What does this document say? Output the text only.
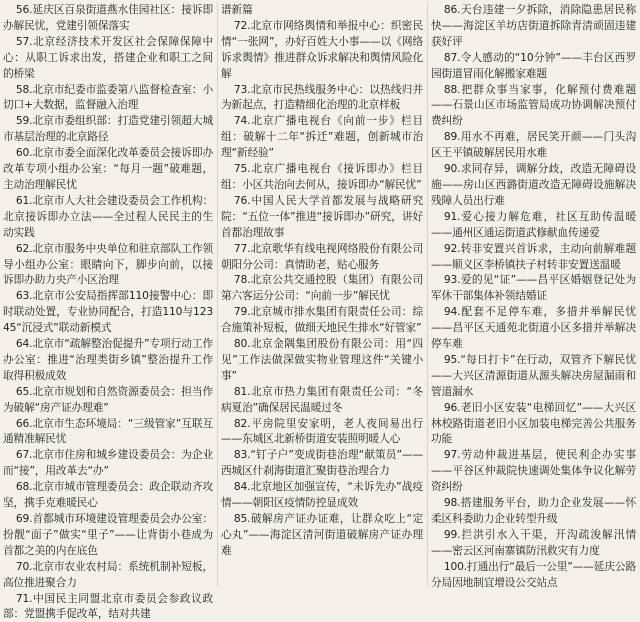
56.延庆区百泉街道燕水佳园社区：接诉即办解民忧，党建引领保落实

57.北京经济技术开发区社会保障保障中心：从职工诉求出发，搭建企业和职工之间的桥梁

58.北京市纪委市监委第八监督检查室：小切口+大数据，监督融入治理

59.北京市委组织部：打造党建引领超大城市基层治理的北京路径

60.北京市委全面深化改革委员会接诉即办改革专项小组办公室：“每月一题”破难题，主动治理解民忧

61.北京市人大社会建设委员会工作机构：北京接诉即办立法——全过程人民民主的生动实践

62.北京市服务中央单位和驻京部队工作领导小组办公室：眼睛向下，脚步向前，以接诉即办助力央产小区治理

63.北京市公安局指挥部110接警中心：即时联动处置，专业协同配合，打造110与12345“沉浸式”联动新模式

64.北京市“疏解整治促提升”专项行动工作办公室：推进“治理类街乡镇”整治提升工作取得积极成效

65.北京市规划和自然资源委员会：担当作为破解“房产证办理难”

66.北京市生态环境局：“三级管家”互联互通精准解民忧

67.北京市住房和城乡建设委员会：为企业而“接”，用改革去“办”

68.北京市城市管理委员会：政企联动齐攻坚，携手克难暖民心

69.首都城市环境建设管理委员会办公室：扮靓“面子”做实“里子”——让背街小巷成为首都之美的内在底色

70.北京市农业农村局：系统机制补短板，高位推进聚合力

71.中国民主同盟北京市委员会参政议政部：党盟携手促改革，结对共建

谱新篇

72.北京市网络舆情和举报中心：织密民情“一张网”，办好百姓大小事——以《网络诉求舆情》推进群众诉求解决和舆情风险化解

73.北京市民热线服务中心：以热线归并为新起点，打造精细化治理的北京样板

74.北京广播电视台《向前一步》栏目组：破解十二年“拆迁”难题，创新城市治理“新经验”

75.北京广播电视台《接诉即办》栏目组：小区共治向去何从，接诉即办“解民忧”

76.中国人民大学首都发展与战略研究院：“五位一体”推进“接诉即办”研究，讲好首都治理故事

77.北京歌华有线电视网络股份有限公司朝阳分公司：真情助老，贴心服务

78.北京公共交通控股（集团）有限公司第六客运分公司：“向前一步”解民忧

79.北京城市排水集团有限责任公司：综合施策补短板，做细天地民生排水“好管家”

80.北京金隅集团股份有限公司：用“四见”工作法做深做实物业管理这件“关键小事”

81.北京市热力集团有限责任公司：“冬病夏治”确保居民温暖过冬

82.平房院里安家明，老人夜间易出行——东城区北新桥街道安装照明暖人心

83.“钉子户”变成街巷治理“献策员”——西城区什刹海街道汇聚街巷治理合力

84.北京地区加强宣传，“未诉先办”战疫情——朝阳区疫情防控显成效

85.破解房产证办证难，让群众吃上“定心丸”——海淀区清河街道破解房产证办理难

86.天台违建一夕拆除，消除隐患居民称快——海淀区羊坊店街道拆除青清顽固违建获好评

87.令人感动的“10分钟”——丰台区西罗园街道冒雨化解搬家难题

88.把群众事当家事，化解预付费难题——石景山区市场监管局成功协调解决预付费纠纷

89.用水不再难，居民笑开颜——门头沟区王平镇破解居民用水难

90.求同存异，调解分歧，改造无障碍设施——房山区西潞街道改造无障碍设施解决残障人员出行难

91.爱心接力解危难，社区互助传温暖——通州区通运街道武修献血传递爱

92.转非安置兴首诉求，主动向前解难题——顺义区李桥镇扶子村转非安置送温暖

93.爱的见“证”——昌平区婚姻登记处为军休干部集体补领结婚证

94.配套不足停车难，多措并举解民忧——昌平区天通苑北街道小区多措并举解决停车难

95.“每日打卡”在行动，双管齐下解民忧——大兴区清源街道从源头解决房屋漏雨和管道漏水

96.老旧小区安装“电梯回忆”——大兴区林校路街道老旧小区加装电梯完善公共服务功能

97.劳动仲裁进基层，使民利企办实事——平谷区仲裁院快速调处集体争议化解劳资纠纷

98.搭建服务平台，助力企业发展——怀柔区科委助力企业转型升级

99.拦洪引水入干渠，开沟疏浚解汛情——密云区河南寨镇防汛救灾有力度

100.打通出行“最后一公里”——延庆公路分局因地制宜增设公交站点
